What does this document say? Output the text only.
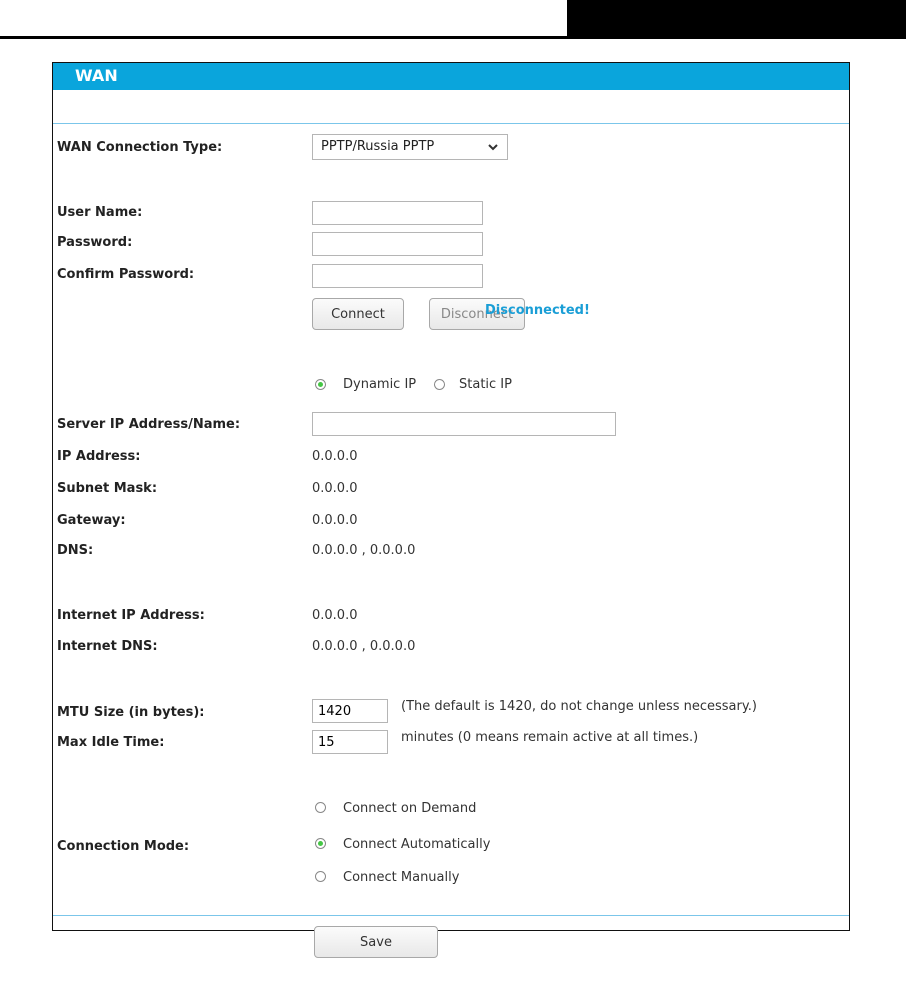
WAN
WAN Connection Type:	PPTP/Russia PPTP
User Name:
Password:
Confirm Password:
Connect	Disconnect
Disconnected!
Dynamic IP	Static IP
Server IP Address/Name:
IP Address:	0.0.0.0
Subnet Mask:	0.0.0.0
Gateway:	0.0.0.0
DNS:	0.0.0.0 , 0.0.0.0
Internet IP Address:	0.0.0.0
Internet DNS:	0.0.0.0 , 0.0.0.0
MTU Size (in bytes):
1420	(The default is 1420, do not change unless necessary.)
Max Idle Time:
15	minutes (0 means remain active at all times.)
Connect on Demand
Connection Mode:	Connect Automatically
Connect Manually
Save
